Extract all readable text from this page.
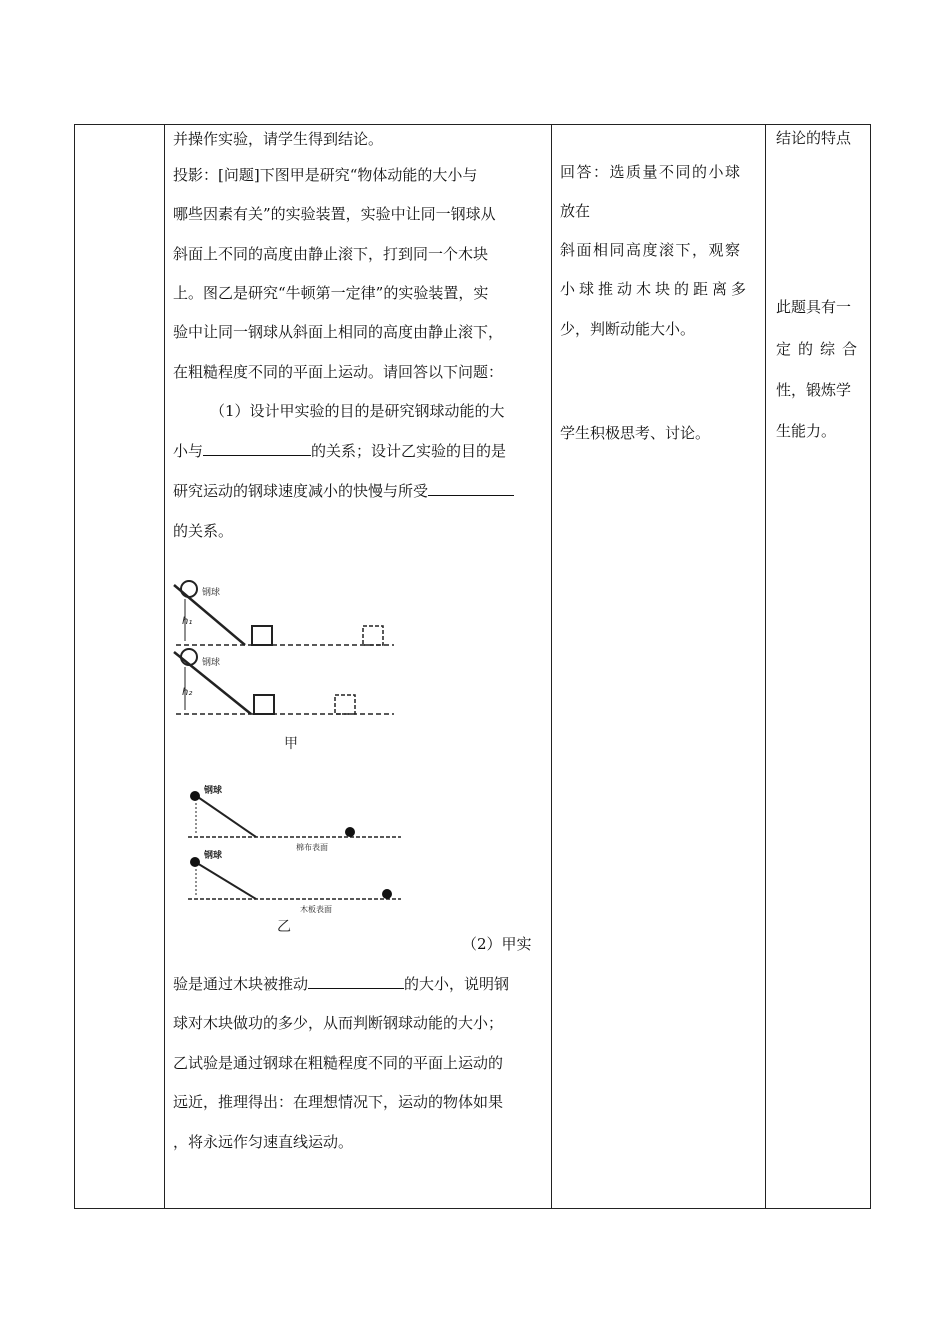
并操作实验，请学生得到结论。
投影：[问题]下图甲是研究“物体动能的大小与
哪些因素有关”的实验装置，实验中让同一钢球从
斜面上不同的高度由静止滚下，打到同一个木块
上。图乙是研究“牛顿第一定律”的实验装置，实
验中让同一钢球从斜面上相同的高度由静止滚下，
在粗糙程度不同的平面上运动。请回答以下问题：
（1）设计甲实验的目的是研究钢球动能的大
小与	的关系；设计乙实验的目的是
研究运动的钢球速度减小的快慢与所受
的关系。
钢球
h₁
钢球
h₂
甲
钢球
棉布表面
钢球
木板表面
乙
（2）甲实
验是通过木块被推动	的大小，说明钢
球对木块做功的多少，从而判断钢球动能的大小；
乙试验是通过钢球在粗糙程度不同的平面上运动的
远近，推理得出：在理想情况下，运动的物体如果
，将永远作匀速直线运动。
回答：选质量不同的小球
放在
斜面相同高度滚下，观察
小球推动木块的距离多
少，判断动能大小。
学生积极思考、讨论。
结论的特点
此题具有一
定的综合
性，锻炼学
生能力。
